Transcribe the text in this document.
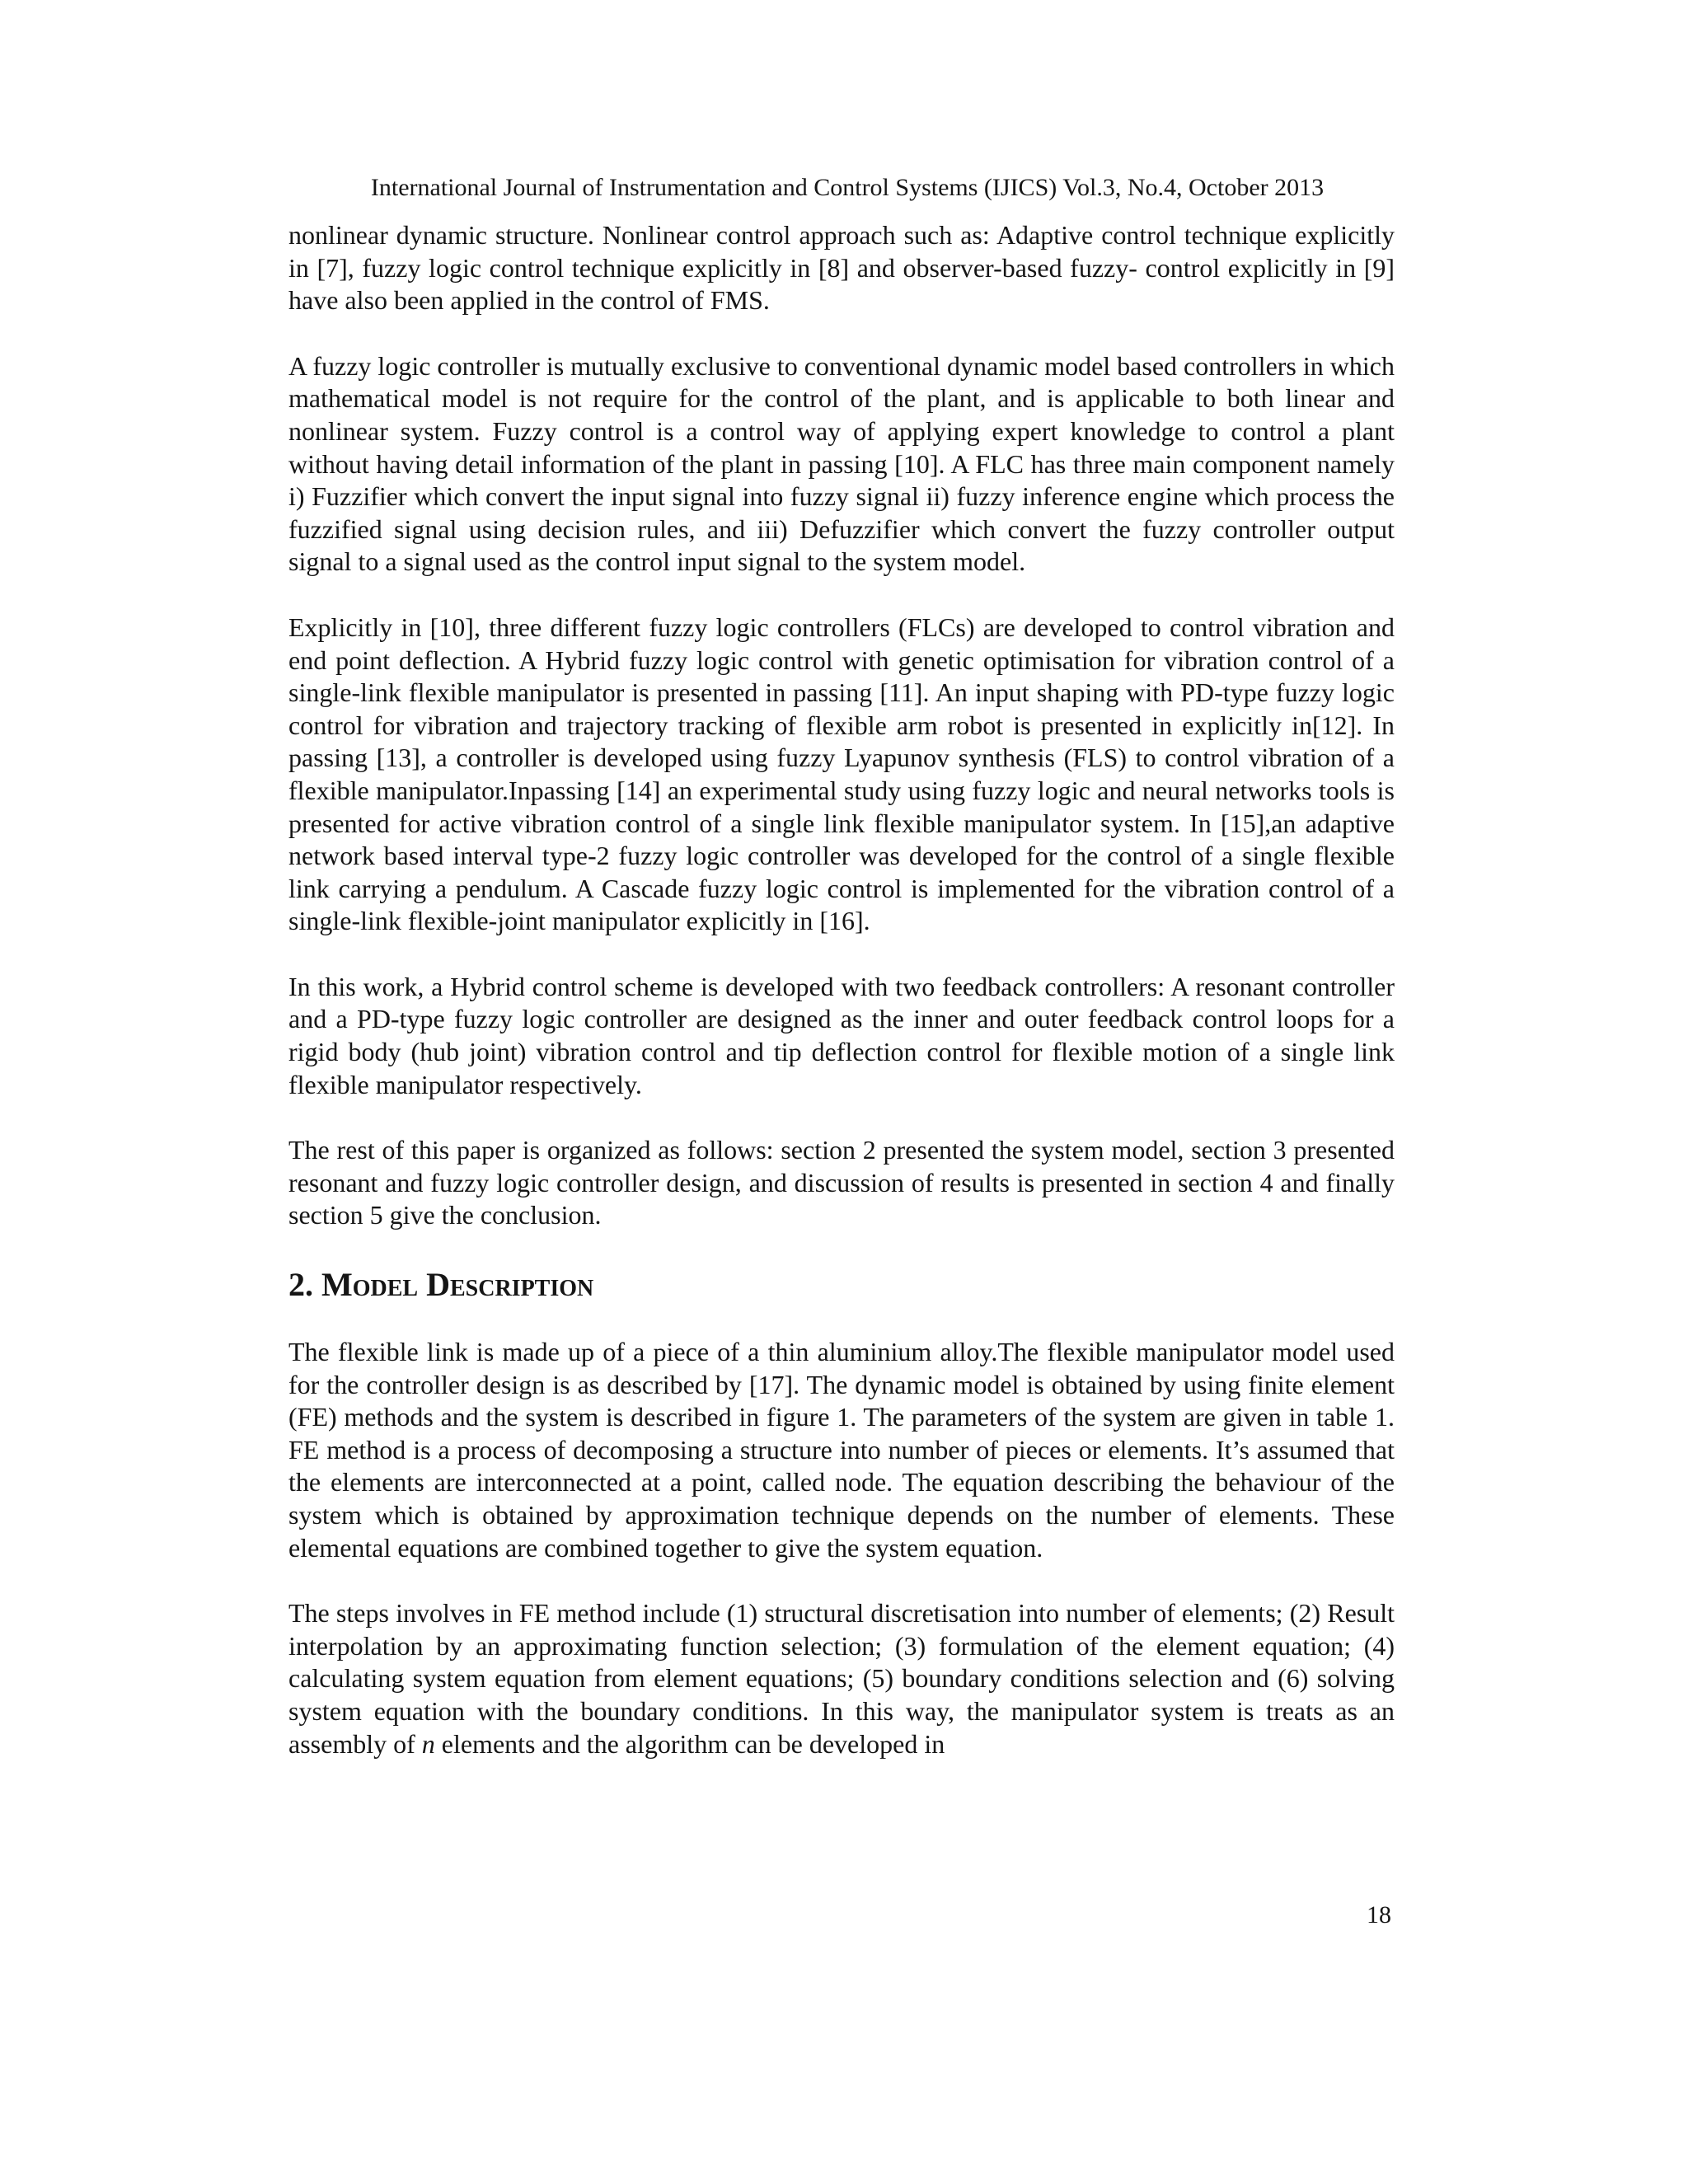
International Journal of Instrumentation and Control Systems (IJICS) Vol.3, No.4, October 2013

nonlinear dynamic structure. Nonlinear control approach such as: Adaptive control technique explicitly in [7], fuzzy logic control technique explicitly in [8] and observer-based fuzzy- control explicitly in [9] have also been applied in the control of FMS.

A fuzzy logic controller is mutually exclusive to conventional dynamic model based controllers in which mathematical model is not require for the control of the plant, and is applicable to both linear and nonlinear system. Fuzzy control is a control way of applying expert knowledge to control a plant without having detail information of the plant in passing [10]. A FLC has three main component namely i) Fuzzifier which convert the input signal into fuzzy signal ii) fuzzy inference engine which process the fuzzified signal using decision rules, and iii) Defuzzifier which convert the fuzzy controller output signal to a signal used as the control input signal to the system model.

Explicitly in [10], three different fuzzy logic controllers (FLCs) are developed to control vibration and end point deflection. A Hybrid fuzzy logic control with genetic optimisation for vibration control of a single-link flexible manipulator is presented in passing [11]. An input shaping with PD-type fuzzy logic control for vibration and trajectory tracking of flexible arm robot is presented in explicitly in[12]. In passing [13], a controller is developed using fuzzy Lyapunov synthesis (FLS) to control vibration of a flexible manipulator.Inpassing [14] an experimental study using fuzzy logic and neural networks tools is presented for active vibration control of a single link flexible manipulator system. In [15],an adaptive network based interval type-2 fuzzy logic controller was developed for the control of a single flexible link carrying a pendulum. A Cascade fuzzy logic control is implemented for the vibration control of a single-link flexible-joint manipulator explicitly in [16].

In this work, a Hybrid control scheme is developed with two feedback controllers: A resonant controller and a PD-type fuzzy logic controller are designed as the inner and outer feedback control loops for a rigid body (hub joint) vibration control and tip deflection control for flexible motion of a single link flexible manipulator respectively.

The rest of this paper is organized as follows: section 2 presented the system model, section 3 presented resonant and fuzzy logic controller design, and discussion of results is presented in section 4 and finally section 5 give the conclusion.

2. Model Description

The flexible link is made up of a piece of a thin aluminium alloy.The flexible manipulator model used for the controller design is as described by [17]. The dynamic model is obtained by using finite element (FE) methods and the system is described in figure 1. The parameters of the system are given in table 1. FE method is a process of decomposing a structure into number of pieces or elements. It’s assumed that the elements are interconnected at a point, called node. The equation describing the behaviour of the system which is obtained by approximation technique depends on the number of elements. These elemental equations are combined together to give the system equation.

The steps involves in FE method include (1) structural discretisation into number of elements; (2) Result interpolation by an approximating function selection; (3) formulation of the element equation; (4) calculating system equation from element equations; (5) boundary conditions selection and (6) solving system equation with the boundary conditions. In this way, the manipulator system is treats as an assembly of n elements and the algorithm can be developed in

18
